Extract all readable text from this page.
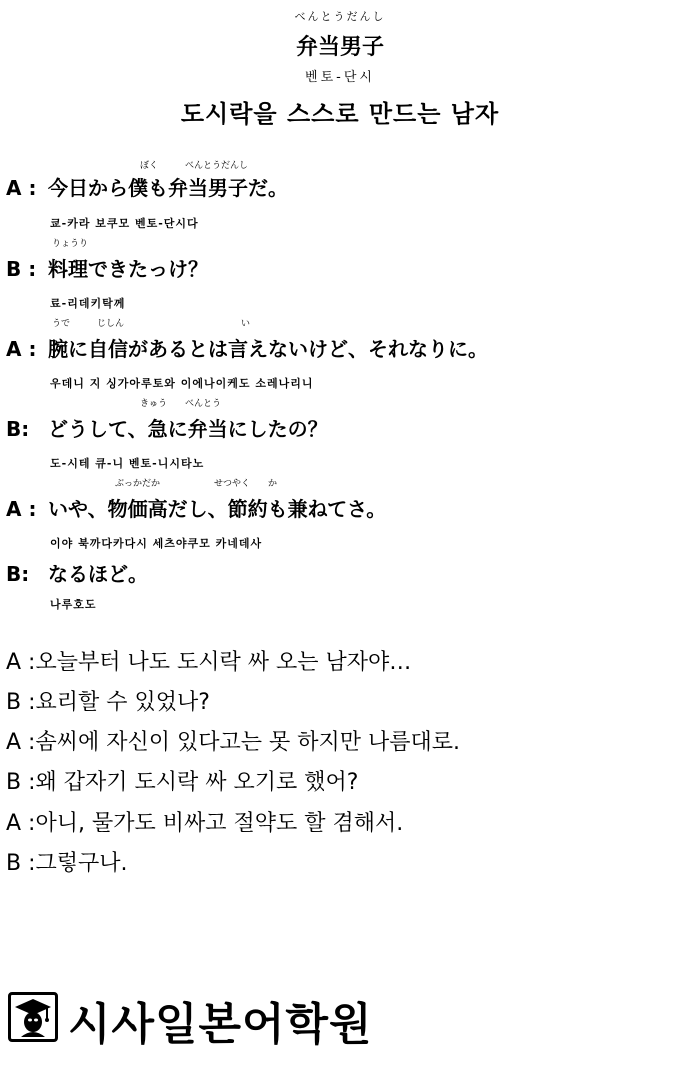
べんとうだんし
弁当男子
벤토-단시
도시락을 스스로 만드는 남자
ぼく　　　べんとうだんし
A : 今日から僕も弁当男子だ。
쿄-카라 보쿠모 벤토-단시다
りょうり
B : 料理できたっけ？
료-리데키탁께
うで　　　じしん　　　　　　　　　　　　　い
A : 腕に自信があるとは言えないけど、それなりに。
우데니 지 싱가아루토와 이에나이케도 소레나리니
きゅう　　べんとう
B: どうして、急に弁当にしたの？
도-시테 큐-니 벤토-니시타노
ぶっかだか　　　　　　せつやく　　か
A : いや、物価高だし、節約も兼ねてさ。
이야 북까다카다시 세츠야쿠모 카네데사
B: なるほど。
나루호도
A :오늘부터 나도 도시락 싸 오는 남자야…
B :요리할 수 있었나?
A :솜씨에 자신이 있다고는 못 하지만 나름대로.
B :왜 갑자기 도시락 싸 오기로 했어?
A :아니, 물가도 비싸고 절약도 할 겸해서.
B :그렇구나.
시사일본어학원
